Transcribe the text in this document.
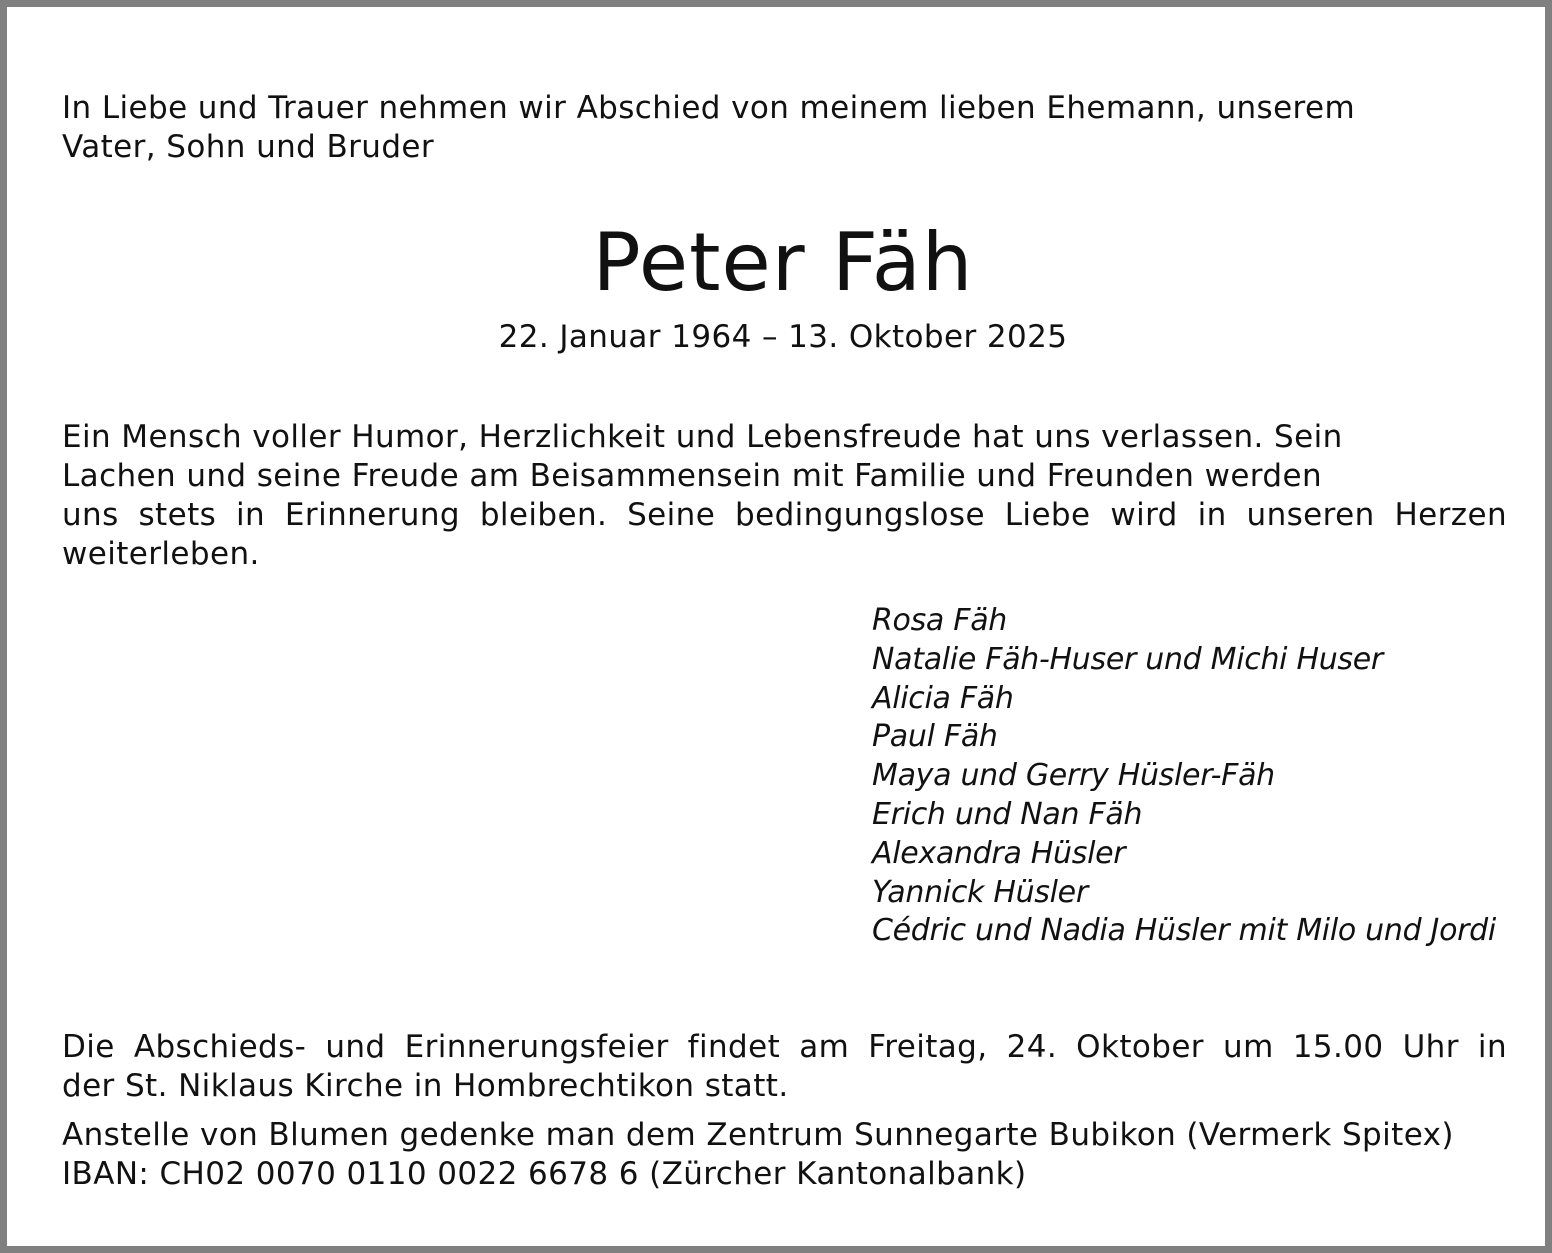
In Liebe und Trauer nehmen wir Abschied von meinem lieben Ehemann, unserem
Vater, Sohn und Bruder
Peter Fäh
22. Januar 1964 – 13. Oktober 2025
Ein Mensch voller Humor, Herzlichkeit und Lebensfreude hat uns verlassen. Sein
Lachen und seine Freude am Beisammensein mit Familie und Freunden werden
uns stets in Erinnerung bleiben. Seine bedingungslose Liebe wird in unseren Herzen
weiterleben.
Rosa Fäh
Natalie Fäh-Huser und Michi Huser
Alicia Fäh
Paul Fäh
Maya und Gerry Hüsler-Fäh
Erich und Nan Fäh
Alexandra Hüsler
Yannick Hüsler
Cédric und Nadia Hüsler mit Milo und Jordi
Die Abschieds- und Erinnerungsfeier findet am Freitag, 24. Oktober um 15.00 Uhr in
der St. Niklaus Kirche in Hombrechtikon statt.
Anstelle von Blumen gedenke man dem Zentrum Sunnegarte Bubikon (Vermerk Spitex)
IBAN: CH02 0070 0110 0022 6678 6 (Zürcher Kantonalbank)
